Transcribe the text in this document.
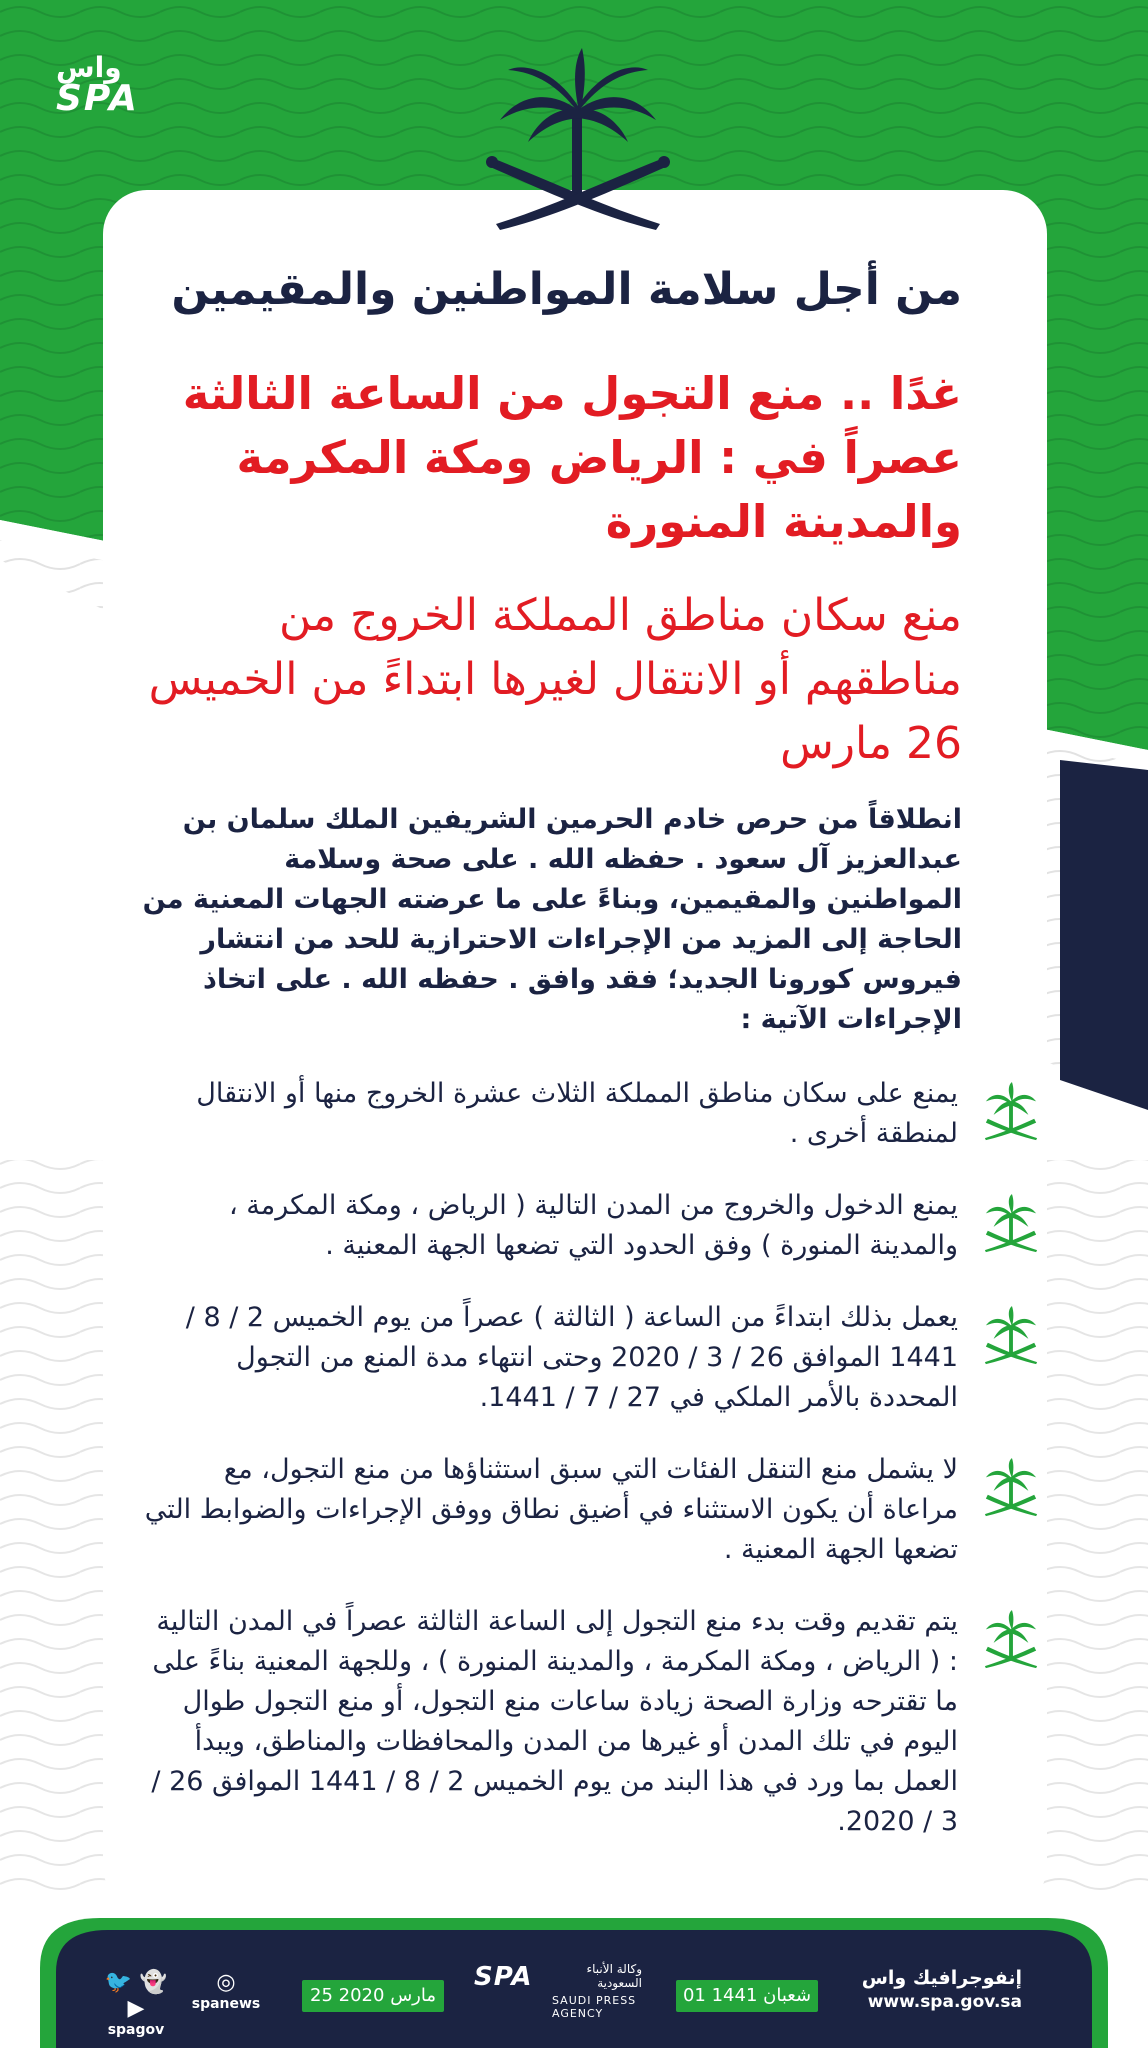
واس
SPA
من أجل سلامة المواطنين والمقيمين
غدًا .. منع التجول من الساعة الثالثة عصراً في : الرياض ومكة المكرمة والمدينة المنورة
منع سكان مناطق المملكة الخروج من مناطقهم أو الانتقال لغيرها ابتداءً من الخميس 26 مارس
انطلاقاً من حرص خادم الحرمين الشريفين الملك سلمان بن عبدالعزيز آل سعود . حفظه الله . على صحة وسلامة المواطنين والمقيمين، وبناءً على ما عرضته الجهات المعنية من الحاجة إلى المزيد من الإجراءات الاحترازية للحد من انتشار فيروس كورونا الجديد؛ فقد وافق . حفظه الله . على اتخاذ الإجراءات الآتية :
يمنع على سكان مناطق المملكة الثلاث عشرة الخروج منها أو الانتقال لمنطقة أخرى .
يمنع الدخول والخروج من المدن التالية ( الرياض ، ومكة المكرمة ، والمدينة المنورة ) وفق الحدود التي تضعها الجهة المعنية .
يعمل بذلك ابتداءً من الساعة ( الثالثة ) عصراً من يوم الخميس 2 / 8 / 1441 الموافق 26 / 3 / 2020 وحتى انتهاء مدة المنع من التجول المحددة بالأمر الملكي في 27 / 7 / 1441.
لا يشمل منع التنقل الفئات التي سبق استثناؤها من منع التجول، مع مراعاة أن يكون الاستثناء في أضيق نطاق ووفق الإجراءات والضوابط التي تضعها الجهة المعنية .
يتم تقديم وقت بدء منع التجول إلى الساعة الثالثة عصراً في المدن التالية : ( الرياض ، ومكة المكرمة ، والمدينة المنورة ) ، وللجهة المعنية بناءً على ما تقترحه وزارة الصحة زيادة ساعات منع التجول، أو منع التجول طوال اليوم في تلك المدن أو غيرها من المدن والمحافظات والمناطق، ويبدأ العمل بما ورد في هذا البند من يوم الخميس 2 / 8 / 1441 الموافق 26 / 3 / 2020.
🐦 👻 ▶
spagov
◎
spanews	25 مارس 2020	01 شعبان 1441
SPA	وكالة الأنباء السعودية
SAUDI PRESS AGENCY
إنفوجرافيك واس
www.spa.gov.sa
